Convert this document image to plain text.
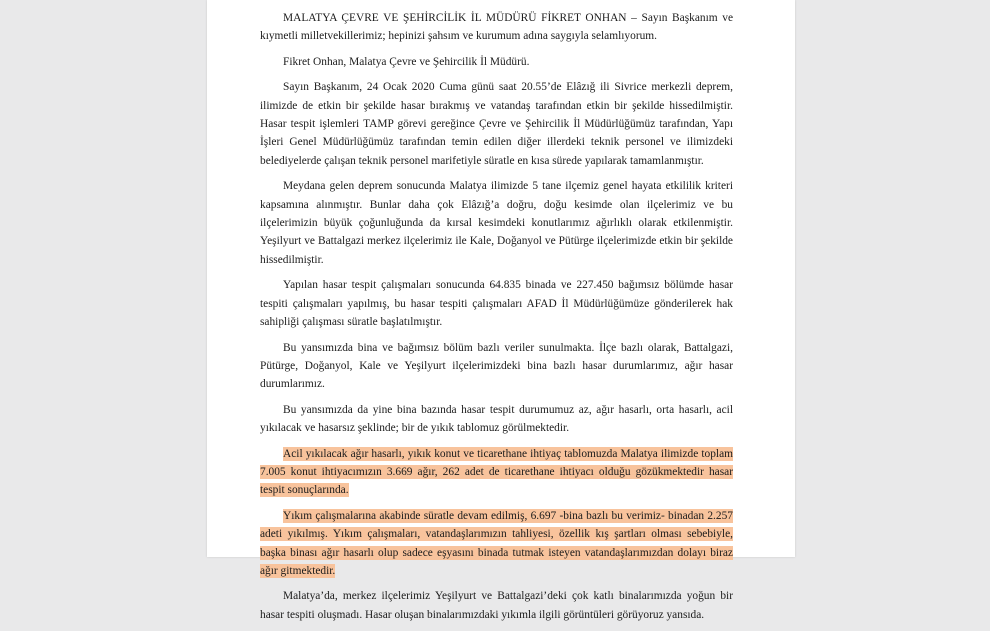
MALATYA ÇEVRE VE ŞEHİRCİLİK İL MÜDÜRÜ FİKRET ONHAN – Sayın Başkanım ve kıymetli milletvekillerimiz; hepinizi şahsım ve kurumum adına saygıyla selamlıyorum.

Fikret Onhan, Malatya Çevre ve Şehircilik İl Müdürü.

Sayın Başkanım, 24 Ocak 2020 Cuma günü saat 20.55’de Elâzığ ili Sivrice merkezli deprem, ilimizde de etkin bir şekilde hasar bırakmış ve vatandaş tarafından etkin bir şekilde hissedilmiştir. Hasar tespit işlemleri TAMP görevi gereğince Çevre ve Şehircilik İl Müdürlüğümüz tarafından, Yapı İşleri Genel Müdürlüğümüz tarafından temin edilen diğer illerdeki teknik personel ve ilimizdeki belediyelerde çalışan teknik personel marifetiyle süratle en kısa sürede yapılarak tamamlanmıştır.

Meydana gelen deprem sonucunda Malatya ilimizde 5 tane ilçemiz genel hayata etkililik kriteri kapsamına alınmıştır. Bunlar daha çok Elâzığ’a doğru, doğu kesimde olan ilçelerimiz ve bu ilçelerimizin büyük çoğunluğunda da kırsal kesimdeki konutlarımız ağırlıklı olarak etkilenmiştir. Yeşilyurt ve Battalgazi merkez ilçelerimiz ile Kale, Doğanyol ve Pütürge ilçelerimizde etkin bir şekilde hissedilmiştir.

Yapılan hasar tespit çalışmaları sonucunda 64.835 binada ve 227.450 bağımsız bölümde hasar tespiti çalışmaları yapılmış, bu hasar tespiti çalışmaları AFAD İl Müdürlüğümüze gönderilerek hak sahipliği çalışması süratle başlatılmıştır.

Bu yansımızda bina ve bağımsız bölüm bazlı veriler sunulmakta. İlçe bazlı olarak, Battalgazi, Pütürge, Doğanyol, Kale ve Yeşilyurt ilçelerimizdeki bina bazlı hasar durumlarımız, ağır hasar durumlarımız.

Bu yansımızda da yine bina bazında hasar tespit durumumuz az, ağır hasarlı, orta hasarlı, acil yıkılacak ve hasarsız şeklinde; bir de yıkık tablomuz görülmektedir.

Acil yıkılacak ağır hasarlı, yıkık konut ve ticarethane ihtiyaç tablomuzda Malatya ilimizde toplam 7.005 konut ihtiyacımızın 3.669 ağır, 262 adet de ticarethane ihtiyacı olduğu gözükmektedir hasar tespit sonuçlarında.

Yıkım çalışmalarına akabinde süratle devam edilmiş, 6.697 -bina bazlı bu verimiz- binadan 2.257 adeti yıkılmış. Yıkım çalışmaları, vatandaşlarımızın tahliyesi, özellik kış şartları olması sebebiyle, başka binası ağır hasarlı olup sadece eşyasını binada tutmak isteyen vatandaşlarımızdan dolayı biraz ağır gitmektedir.

Malatya’da, merkez ilçelerimiz Yeşilyurt ve Battalgazi’deki çok katlı binalarımızda yoğun bir hasar tespiti oluşmadı. Hasar oluşan binalarımızdaki yıkımla ilgili görüntüleri görüyoruz yansıda.
